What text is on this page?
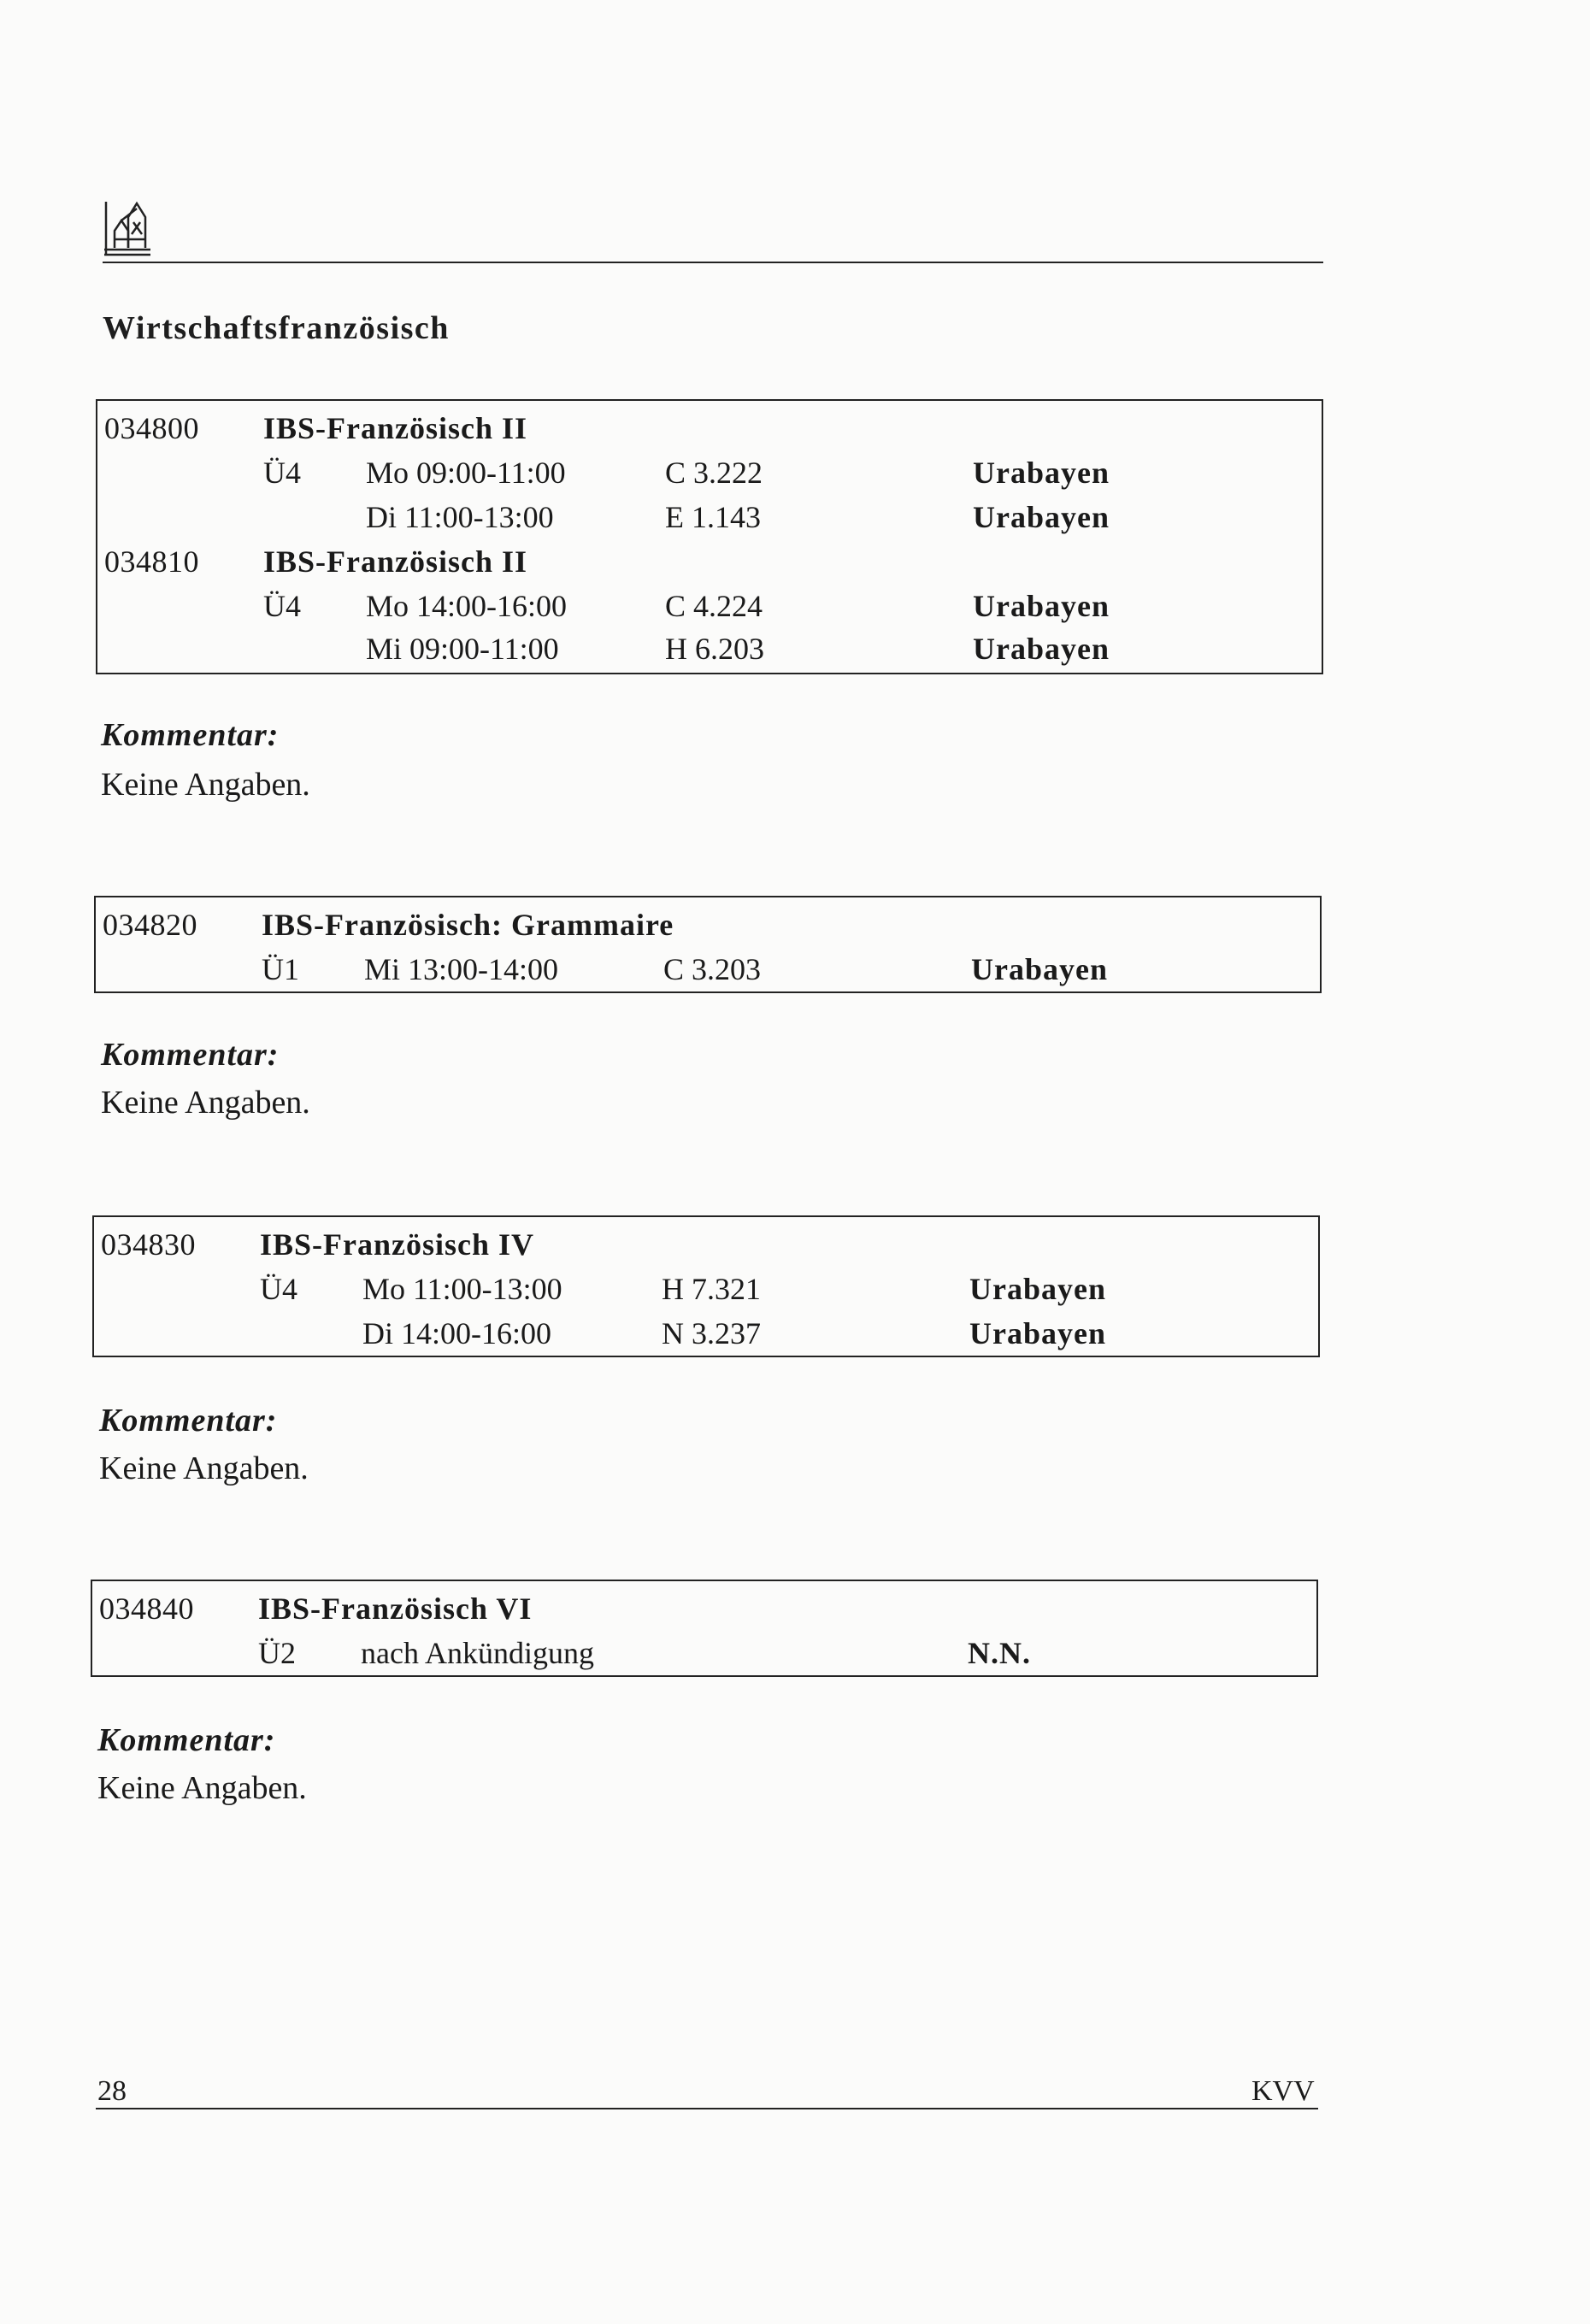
Wirtschaftsfranzösisch
034800 IBS-Französisch II
Ü4 Mo 09:00-11:00	C 3.222	Urabayen
Di 11:00-13:00	E 1.143	Urabayen
034810 IBS-Französisch II
Ü4 Mo 14:00-16:00	C 4.224	Urabayen
Mi 09:00-11:00	H 6.203	Urabayen
Kommentar:
Keine Angaben.
034820 IBS-Französisch: Grammaire
Ü1 Mi 13:00-14:00	C 3.203	Urabayen
Kommentar:
Keine Angaben.
034830 IBS-Französisch IV
Ü4 Mo 11:00-13:00	H 7.321	Urabayen
Di 14:00-16:00	N 3.237	Urabayen
Kommentar:
Keine Angaben.
034840 IBS-Französisch VI
Ü2 nach Ankündigung	N.N.
Kommentar:
Keine Angaben.
28	KVV
